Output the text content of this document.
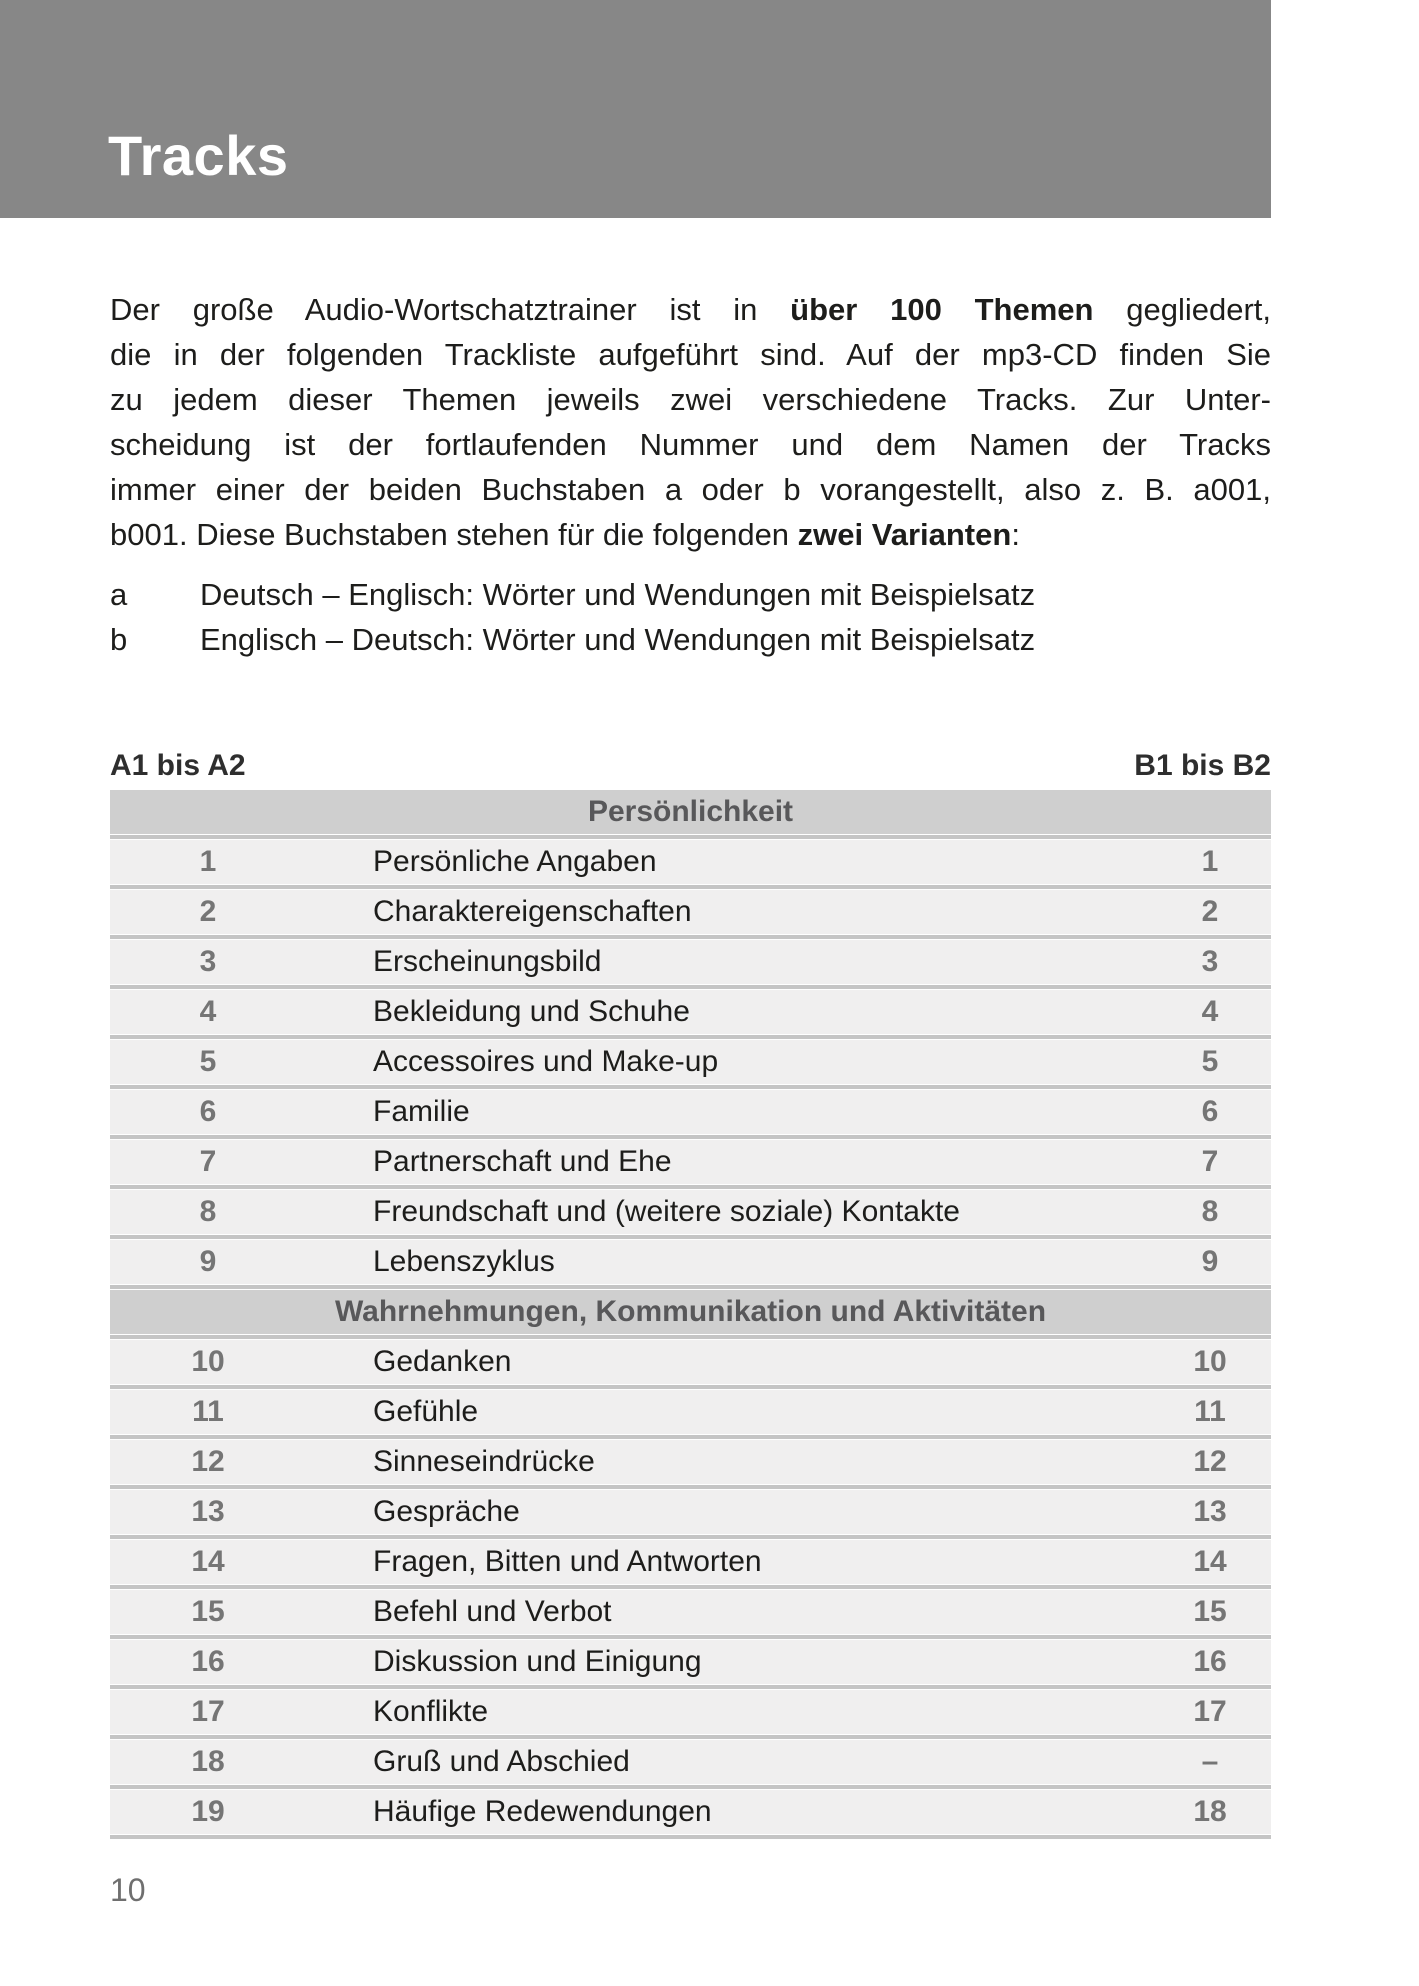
Tracks
Der große Audio-Wortschatztrainer ist in über 100 Themen gegliedert,
die in der folgenden Trackliste aufgeführt sind. Auf der mp3-CD finden Sie
zu jedem dieser Themen jeweils zwei verschiedene Tracks. Zur Unter-
scheidung ist der fortlaufenden Nummer und dem Namen der Tracks
immer einer der beiden Buchstaben a oder b vorangestellt, also z. B. a001,
b001. Diese Buchstaben stehen für die folgenden zwei Varianten:
a	Deutsch – Englisch: Wörter und Wendungen mit Beispielsatz
b	Englisch – Deutsch: Wörter und Wendungen mit Beispielsatz
A1 bis A2	B1 bis B2
Persönlichkeit
1	Persönliche Angaben	1
2	Charaktereigenschaften	2
3	Erscheinungsbild	3
4	Bekleidung und Schuhe	4
5	Accessoires und Make-up	5
6	Familie	6
7	Partnerschaft und Ehe	7
8	Freundschaft und (weitere soziale) Kontakte	8
9	Lebenszyklus	9
Wahrnehmungen, Kommunikation und Aktivitäten
10	Gedanken	10
11	Gefühle	11
12	Sinneseindrücke	12
13	Gespräche	13
14	Fragen, Bitten und Antworten	14
15	Befehl und Verbot	15
16	Diskussion und Einigung	16
17	Konflikte	17
18	Gruß und Abschied	–
19	Häufige Redewendungen	18
10
